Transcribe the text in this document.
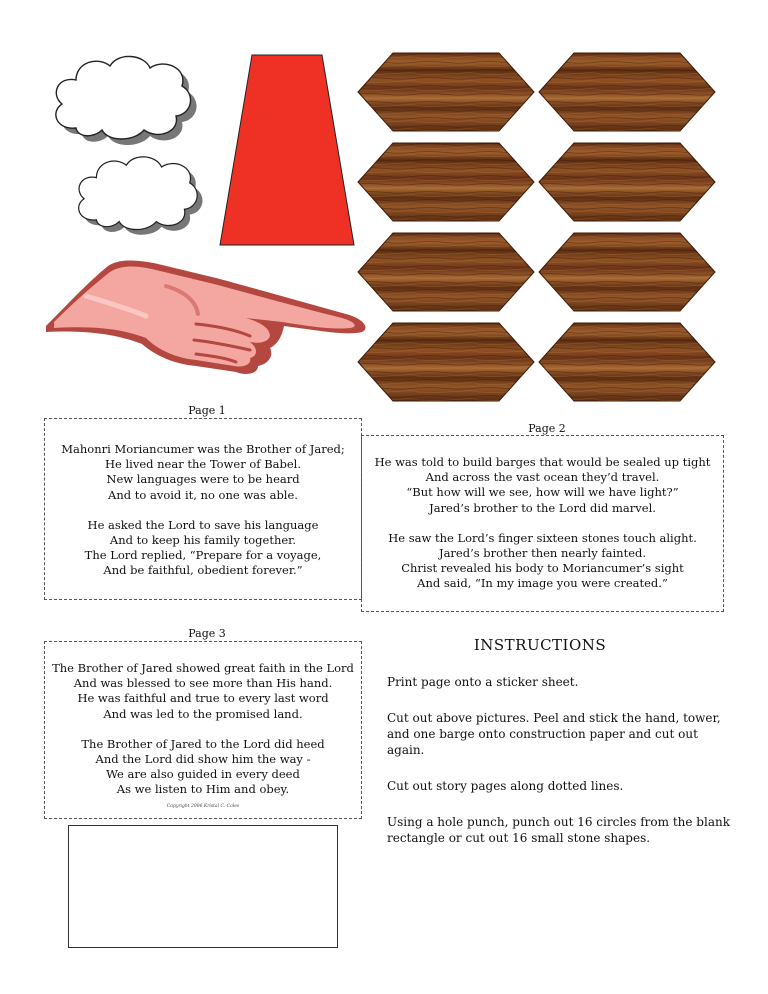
Page 1
Mahonri Moriancumer was the Brother of Jared;
He lived near the Tower of Babel.
New languages were to be heard
And to avoid it, no one was able.
He asked the Lord to save his language
And to keep his family together.
The Lord replied, “Prepare for a voyage,
And be faithful, obedient forever.”
Page 2
He was told to build barges that would be sealed up tight
And across the vast ocean they’d travel.
“But how will we see, how will we have light?”
Jared’s brother to the Lord did marvel.
He saw the Lord’s finger sixteen stones touch alight.
Jared’s brother then nearly fainted.
Christ revealed his body to Moriancumer’s sight
And said, “In my image you were created.”
Page 3
The Brother of Jared showed great faith in the Lord
And was blessed to see more than His hand.
He was faithful and true to every last word
And was led to the promised land.
The Brother of Jared to the Lord did heed
And the Lord did show him the way -
We are also guided in every deed
As we listen to Him and obey.
Copyright 2006 Kristal C. Coles
INSTRUCTIONS

Print page onto a sticker sheet.

Cut out above pictures. Peel and stick the hand, tower, and one barge onto construction paper and cut out again.

Cut out story pages along dotted lines.

Using a hole punch, punch out 16 circles from the blank rectangle or cut out 16 small stone shapes.
